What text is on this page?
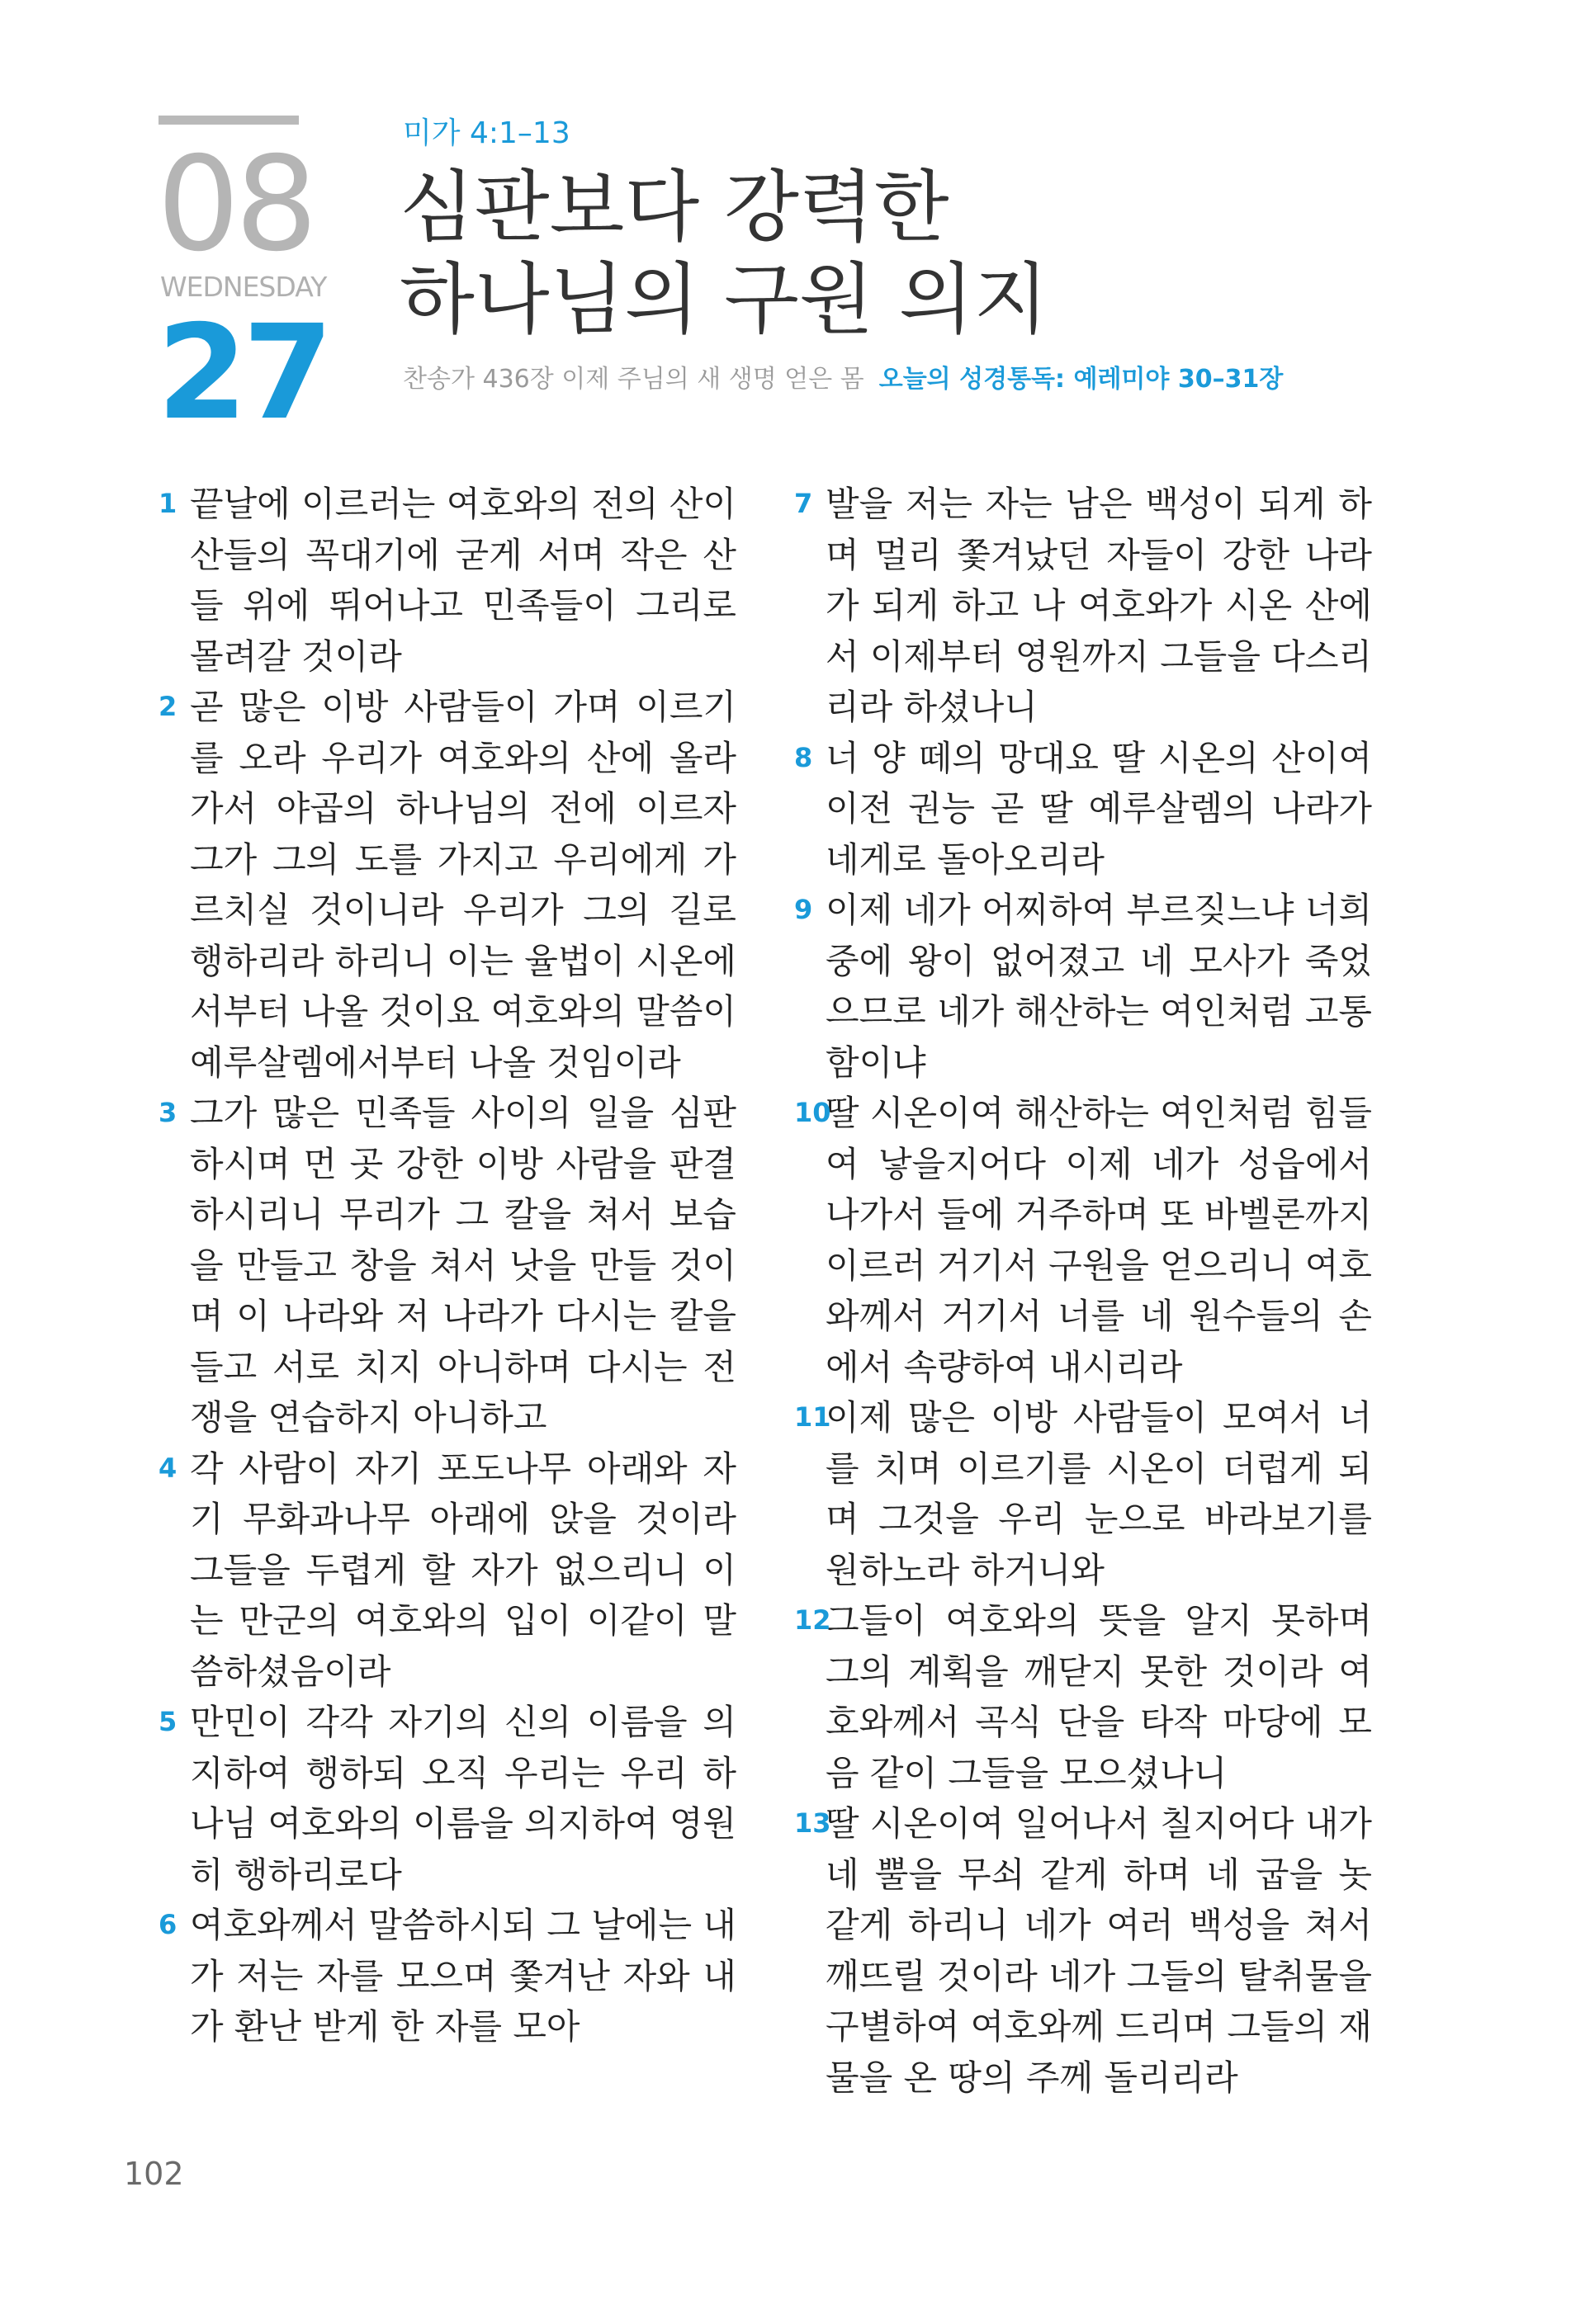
08
WEDNESDAY
27
미가 4:1–13
심판보다 강력한
하나님의 구원 의지
찬송가 436장 이제 주님의 새 생명 얻은 몸 오늘의 성경통독: 예레미야 30–31장
1 끝날에 이르러는 여호와의 전의 산이 산들의 꼭대기에 굳게 서며 작은 산들 위에 뛰어나고 민족들이 그리로 몰려갈 것이라
2 곧 많은 이방 사람들이 가며 이르기를 오라 우리가 여호와의 산에 올라가서 야곱의 하나님의 전에 이르자 그가 그의 도를 가지고 우리에게 가르치실 것이니라 우리가 그의 길로 행하리라 하리니 이는 율법이 시온에서부터 나올 것이요 여호와의 말씀이 예루살렘에서부터 나올 것임이라
3 그가 많은 민족들 사이의 일을 심판하시며 먼 곳 강한 이방 사람을 판결하시리니 무리가 그 칼을 쳐서 보습을 만들고 창을 쳐서 낫을 만들 것이며 이 나라와 저 나라가 다시는 칼을 들고 서로 치지 아니하며 다시는 전쟁을 연습하지 아니하고
4 각 사람이 자기 포도나무 아래와 자기 무화과나무 아래에 앉을 것이라 그들을 두렵게 할 자가 없으리니 이는 만군의 여호와의 입이 이같이 말씀하셨음이라
5 만민이 각각 자기의 신의 이름을 의지하여 행하되 오직 우리는 우리 하나님 여호와의 이름을 의지하여 영원히 행하리로다
6 여호와께서 말씀하시되 그 날에는 내가 저는 자를 모으며 쫓겨난 자와 내가 환난 받게 한 자를 모아
7 발을 저는 자는 남은 백성이 되게 하며 멀리 쫓겨났던 자들이 강한 나라가 되게 하고 나 여호와가 시온 산에서 이제부터 영원까지 그들을 다스리리라 하셨나니
8 너 양 떼의 망대요 딸 시온의 산이여 이전 권능 곧 딸 예루살렘의 나라가 네게로 돌아오리라
9 이제 네가 어찌하여 부르짖느냐 너희 중에 왕이 없어졌고 네 모사가 죽었으므로 네가 해산하는 여인처럼 고통함이냐
10
딸 시온이여 해산하는 여인처럼 힘들여 낳을지어다 이제 네가 성읍에서 나가서 들에 거주하며 또 바벨론까지 이르러 거기서 구원을 얻으리니 여호와께서 거기서 너를 네 원수들의 손에서 속량하여 내시리라
11
이제 많은 이방 사람들이 모여서 너를 치며 이르기를 시온이 더럽게 되며 그것을 우리 눈으로 바라보기를 원하노라 하거니와
12
그들이 여호와의 뜻을 알지 못하며 그의 계획을 깨닫지 못한 것이라 여호와께서 곡식 단을 타작 마당에 모음 같이 그들을 모으셨나니
13
딸 시온이여 일어나서 칠지어다 내가 네 뿔을 무쇠 같게 하며 네 굽을 놋 같게 하리니 네가 여러 백성을 쳐서 깨뜨릴 것이라 네가 그들의 탈취물을 구별하여 여호와께 드리며 그들의 재물을 온 땅의 주께 돌리리라
102
